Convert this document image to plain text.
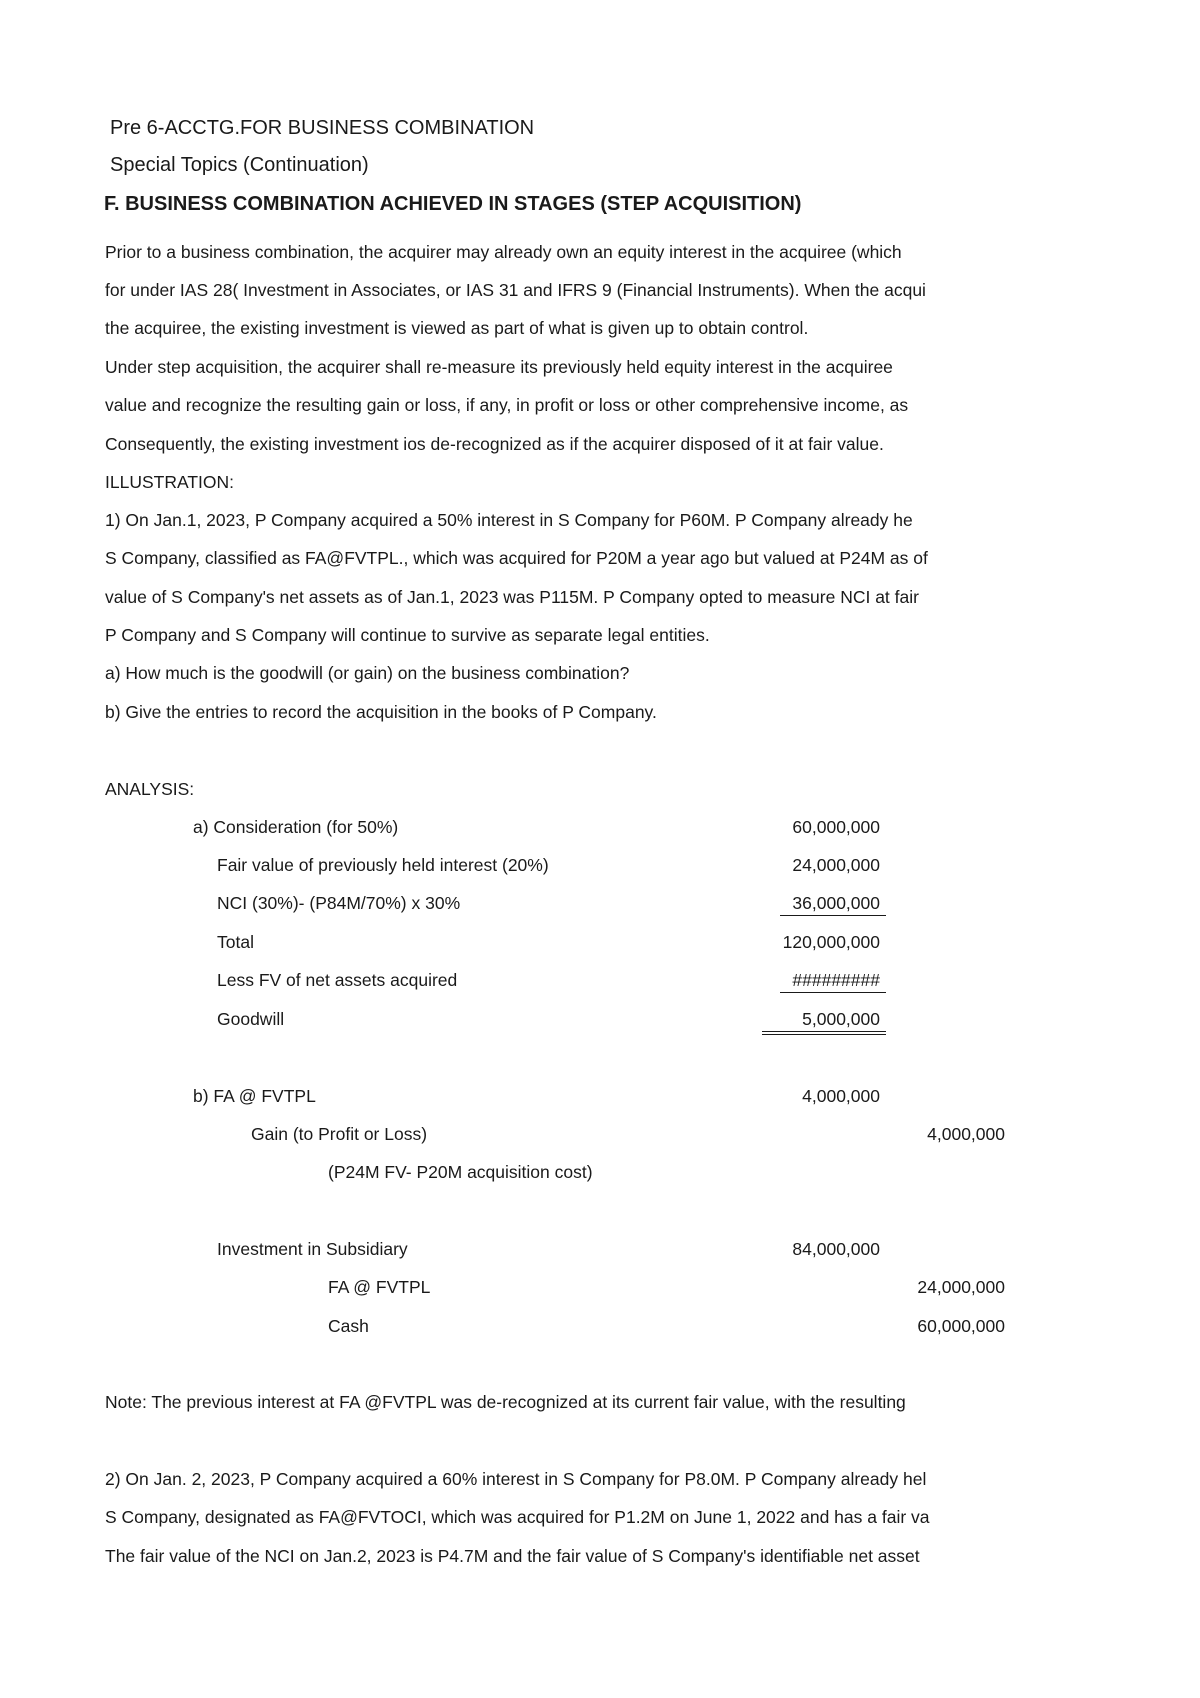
Pre 6-ACCTG.FOR BUSINESS COMBINATION
Special Topics (Continuation)
F. BUSINESS COMBINATION ACHIEVED IN STAGES (STEP ACQUISITION)
Prior to a business combination, the acquirer may already own an equity interest in the acquiree (which
for under IAS 28( Investment in Associates, or IAS 31 and IFRS 9 (Financial Instruments). When the acqui
the acquiree, the existing investment is viewed as part of what is given up to obtain control.
Under step acquisition, the acquirer shall re-measure its previously held equity interest in the acquiree
value and recognize the resulting gain or loss, if any, in profit or loss or other comprehensive income, as
Consequently, the existing investment ios de-recognized as if the acquirer disposed of it at fair value.
ILLUSTRATION:
1) On Jan.1, 2023, P Company acquired a 50% interest in S Company for P60M. P Company already he
S Company, classified as FA@FVTPL., which was acquired for P20M a year ago but valued at P24M as of
value of S Company's net assets as of Jan.1, 2023 was P115M. P Company opted to measure NCI at fair
P Company and S Company will continue to survive as separate legal entities.
a) How much is the goodwill (or gain) on the business combination?
b) Give the entries to record the acquisition in the books of P Company.
ANALYSIS:
a) Consideration (for 50%)	60,000,000
Fair value of previously held interest (20%)	24,000,000
NCI (30%)- (P84M/70%) x 30%	36,000,000
Total	120,000,000
Less FV of net assets acquired	#########
Goodwill	5,000,000
b) FA @ FVTPL	4,000,000
Gain (to Profit or Loss)	4,000,000
(P24M FV- P20M acquisition cost)
Investment in Subsidiary	84,000,000
FA @ FVTPL	24,000,000
Cash	60,000,000
Note: The previous interest at FA @FVTPL was de-recognized at its current fair value, with the resulting
2) On Jan. 2, 2023, P Company acquired a 60% interest in S Company for P8.0M. P Company already hel
S Company, designated as FA@FVTOCI, which was acquired for P1.2M on June 1, 2022 and has a fair va
The fair value of the NCI on Jan.2, 2023 is P4.7M and the fair value of S Company's identifiable net asset
